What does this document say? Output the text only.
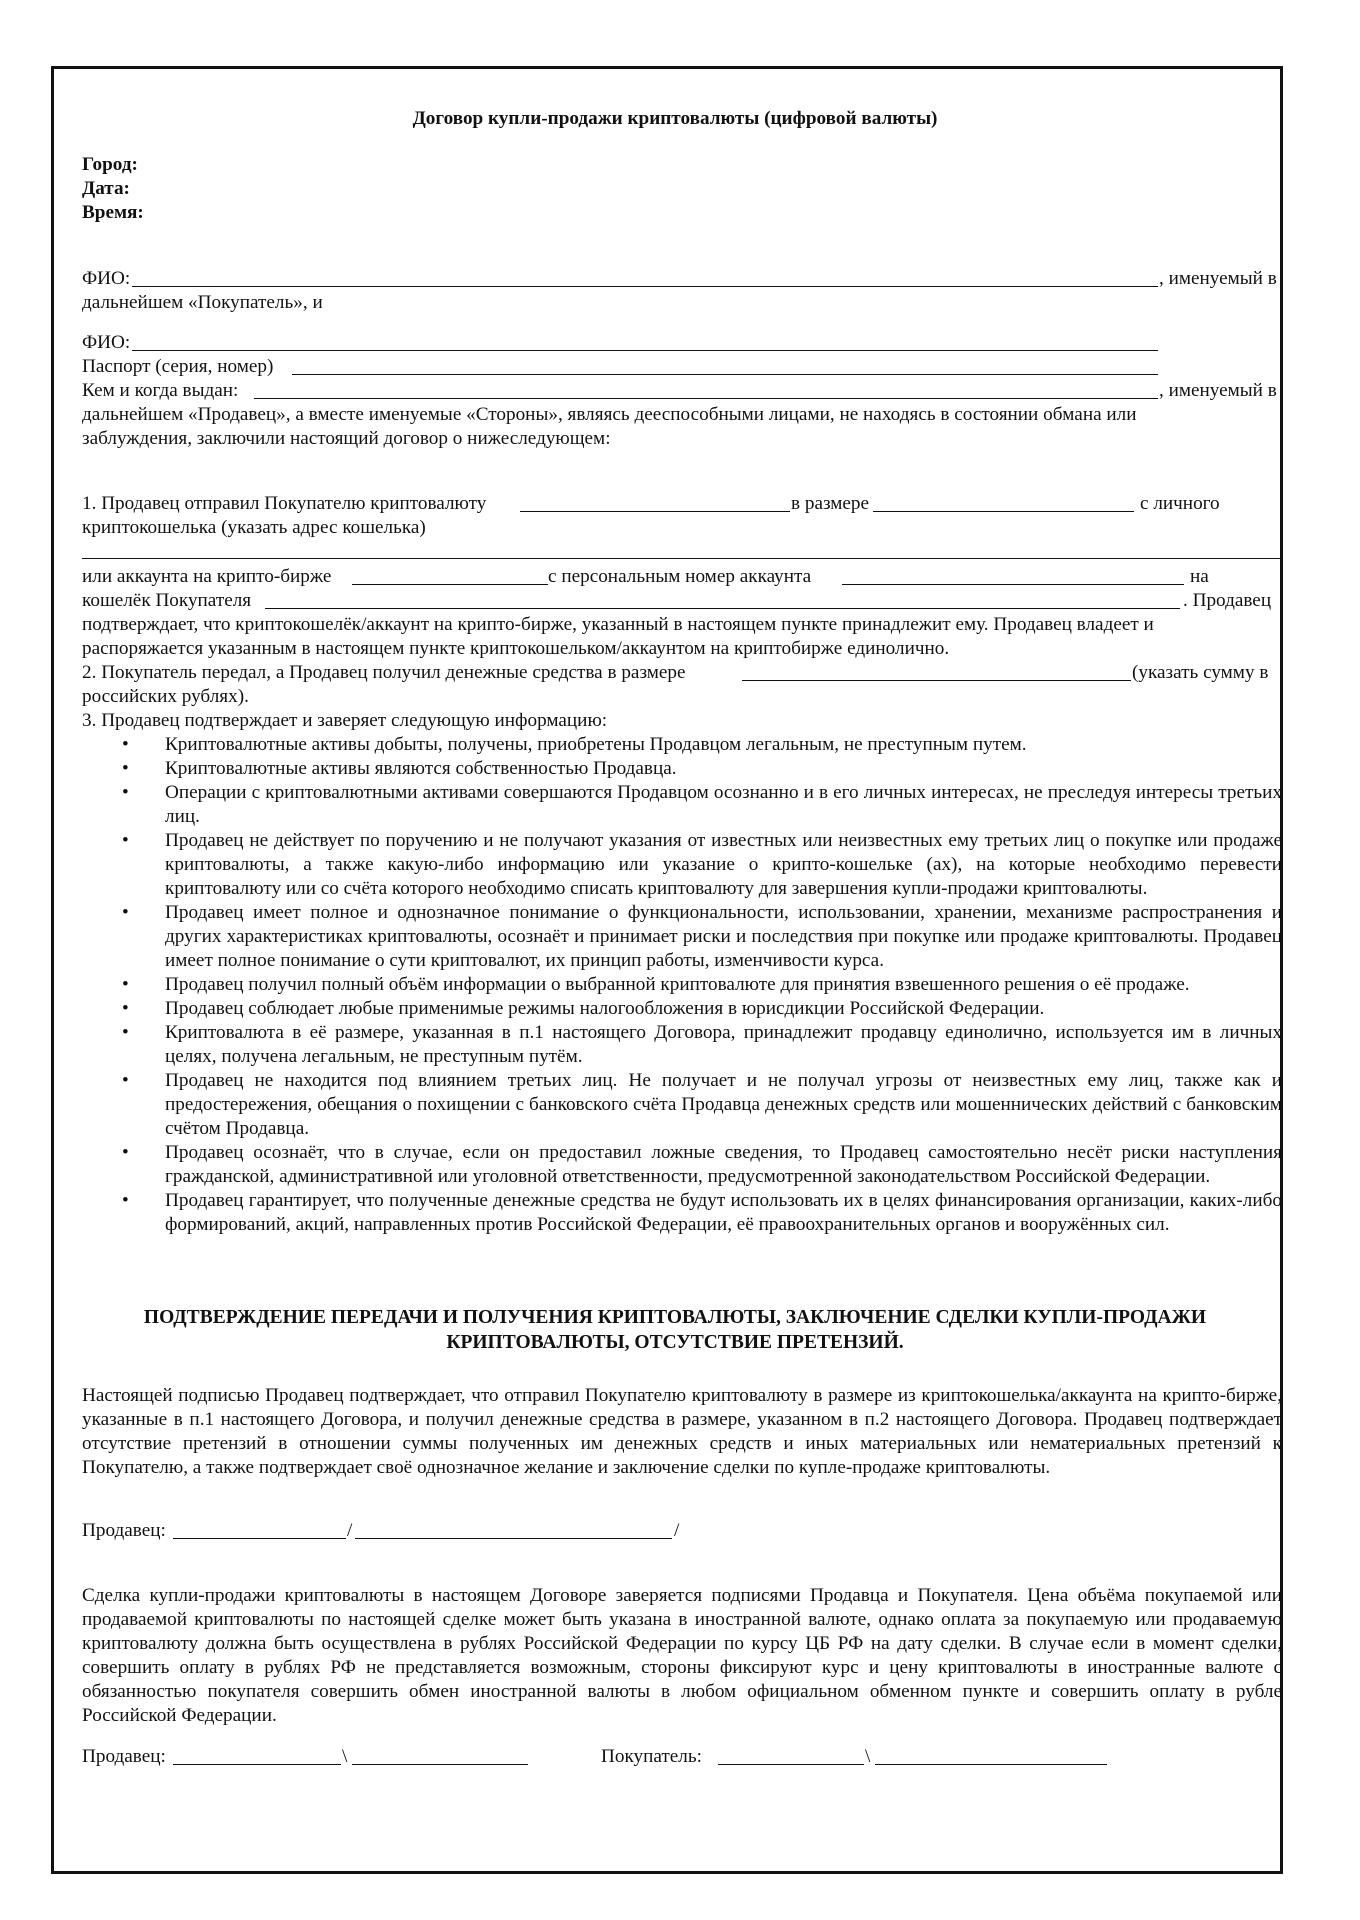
Договор купли-продажи криптовалюты (цифровой валюты)
Город:
Дата:
Время:
ФИО:	, именуемый в
дальнейшем «Покупатель», и
ФИО:
Паспорт (серия, номер)
Кем и когда выдан:	, именуемый в
дальнейшем «Продавец», а вместе именуемые «Стороны», являясь дееспособными лицами, не находясь в состоянии обмана или
заблуждения, заключили настоящий договор о нижеследующем:
1. Продавец отправил Покупателю криптовалюту	в размере	с личного
криптокошелька (указать адрес кошелька)
или аккаунта на крипто-бирже	с персональным номер аккаунта	на
кошелёк Покупателя	. Продавец
подтверждает, что криптокошелёк/аккаунт на крипто-бирже, указанный в настоящем пункте принадлежит ему. Продавец владеет и
распоряжается указанным в настоящем пункте криптокошельком/аккаунтом на криптобирже единолично.
2. Покупатель передал, а Продавец получил денежные средства в размере	(указать сумму в
российских рублях).
3. Продавец подтверждает и заверяет следующую информацию:
• Криптовалютные активы добыты, получены, приобретены Продавцом легальным, не преступным путем.
• Криптовалютные активы являются собственностью Продавца.
• Операции с криптовалютными активами совершаются Продавцом осознанно и в его личных интересах, не преследуя интересы третьих лиц.
• Продавец не действует по поручению и не получают указания от известных или неизвестных ему третьих лиц о покупке или продаже криптовалюты, а также какую-либо информацию или указание о крипто-кошельке (ах), на которые необходимо перевести криптовалюту или со счёта которого необходимо списать криптовалюту для завершения купли-продажи криптовалюты.
• Продавец имеет полное и однозначное понимание о функциональности, использовании, хранении, механизме распространения и других характеристиках криптовалюты, осознаёт и принимает риски и последствия при покупке или продаже криптовалюты. Продавец имеет полное понимание о сути криптовалют, их принцип работы, изменчивости курса.
• Продавец получил полный объём информации о выбранной криптовалюте для принятия взвешенного решения о её продаже.
• Продавец соблюдает любые применимые режимы налогообложения в юрисдикции Российской Федерации.
• Криптовалюта в её размере, указанная в п.1 настоящего Договора, принадлежит продавцу единолично, используется им в личных целях, получена легальным, не преступным путём.
• Продавец не находится под влиянием третьих лиц. Не получает и не получал угрозы от неизвестных ему лиц, также как и предостережения, обещания о похищении с банковского счёта Продавца денежных средств или мошеннических действий с банковским счётом Продавца.
• Продавец осознаёт, что в случае, если он предоставил ложные сведения, то Продавец самостоятельно несёт риски наступления гражданской, административной или уголовной ответственности, предусмотренной законодательством Российской Федерации.
• Продавец гарантирует, что полученные денежные средства не будут использовать их в целях финансирования организации, каких-либо формирований, акций, направленных против Российской Федерации, её правоохранительных органов и вооружённых сил.
ПОДТВЕРЖДЕНИЕ ПЕРЕДАЧИ И ПОЛУЧЕНИЯ КРИПТОВАЛЮТЫ, ЗАКЛЮЧЕНИЕ СДЕЛКИ КУПЛИ-ПРОДАЖИ
КРИПТОВАЛЮТЫ, ОТСУТСТВИЕ ПРЕТЕНЗИЙ.
Настоящей подписью Продавец подтверждает, что отправил Покупателю криптовалюту в размере из криптокошелька/аккаунта на крипто-бирже, указанные в п.1 настоящего Договора, и получил денежные средства в размере, указанном в п.2 настоящего Договора. Продавец подтверждает отсутствие претензий в отношении суммы полученных им денежных средств и иных материальных или нематериальных претензий к Покупателю, а также подтверждает своё однозначное желание и заключение сделки по купле-продаже криптовалюты.
Продавец:	/	/
Сделка купли-продажи криптовалюты в настоящем Договоре заверяется подписями Продавца и Покупателя. Цена объёма покупаемой или продаваемой криптовалюты по настоящей сделке может быть указана в иностранной валюте, однако оплата за покупаемую или продаваемую криптовалюту должна быть осуществлена в рублях Российской Федерации по курсу ЦБ РФ на дату сделки. В случае если в момент сделки, совершить оплату в рублях РФ не представляется возможным, стороны фиксируют курс и цену криптовалюты в иностранные валюте с обязанностью покупателя совершить обмен иностранной валюты в любом официальном обменном пункте и совершить оплату в рубле Российской Федерации.
Продавец:	\	Покупатель:	\
